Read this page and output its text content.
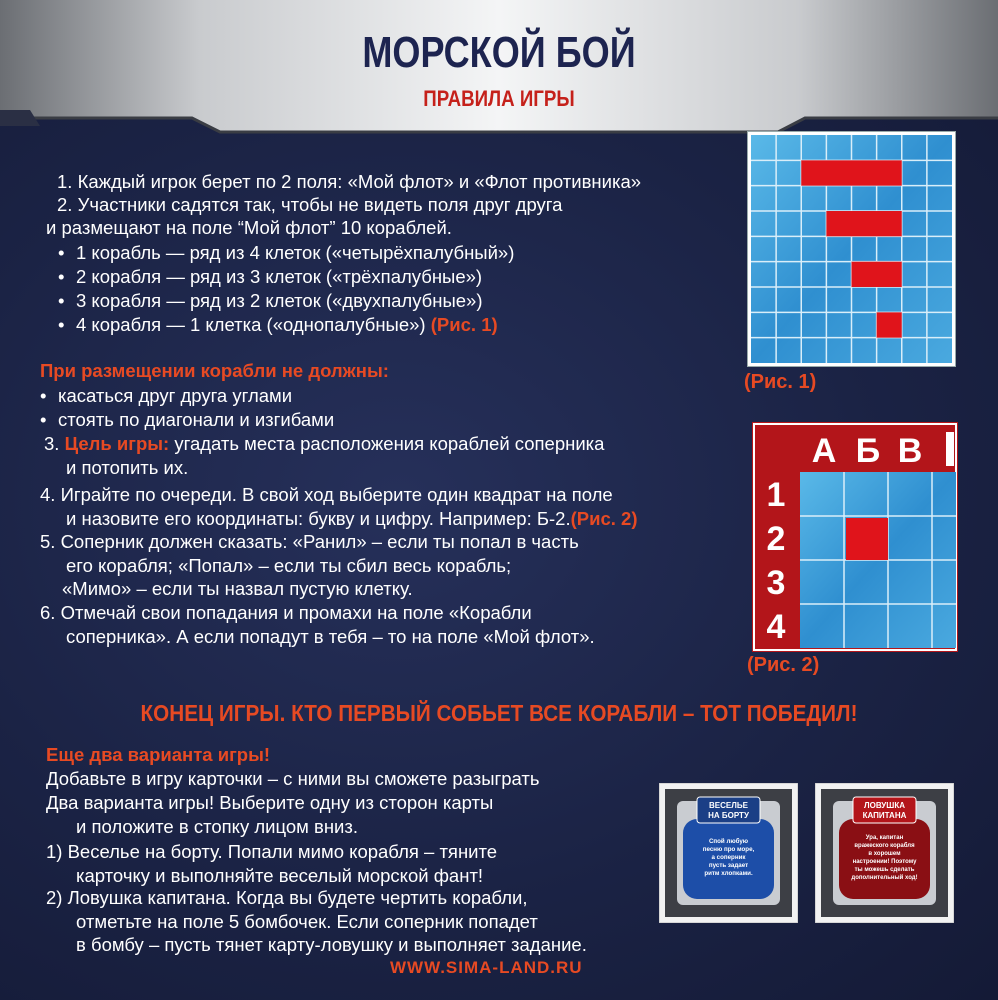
МОРСКОЙ БОЙ
ПРАВИЛА ИГРЫ
1. Каждый игрок берет по 2 поля: «Мой флот» и «Флот противника»
2. Участники садятся так, чтобы не видеть поля друг друга
и размещают на поле “Мой флот” 10 кораблей.
• 1 корабль — ряд из 4 клеток («четырёхпалубный»)
• 2 корабля — ряд из 3 клеток («трёхпалубные»)
• 3 корабля — ряд из 2 клеток («двухпалубные»)
• 4 корабля — 1 клетка («однопалубные») (Рис. 1)
При размещении корабли не должны:
• касаться друг друга углами
• стоять по диагонали и изгибами
3. Цель игры: угадать места расположения кораблей соперника
и потопить их.
4. Играйте по очереди. В свой ход выберите один квадрат на поле
и назовите его координаты: букву и цифру. Например: Б-2.(Рис. 2)
5. Соперник должен сказать: «Ранил» – если ты попал в часть
его корабля; «Попал» – если ты сбил весь корабль;
«Мимо» – если ты назвал пустую клетку.
6. Отмечай свои попадания и промахи на поле «Корабли
соперника». А если попадут в тебя – то на поле «Мой флот».
(Рис. 1)
А Б В
1
2
3
4
(Рис. 2)
КОНЕЦ ИГРЫ. КТО ПЕРВЫЙ СОБЬЕТ ВСЕ КОРАБЛИ – ТОТ ПОБЕДИЛ!
Еще два варианта игры!
Добавьте в игру карточки – с ними вы сможете разыграть
Два варианта игры! Выберите одну из сторон карты
и положите в стопку лицом вниз.
1) Веселье на борту. Попали мимо корабля – тяните
карточку и выполняйте веселый морской фант!
2) Ловушка капитана. Когда вы будете чертить корабли,
отметьте на поле 5 бомбочек. Если соперник попадет
в бомбу – пусть тянет карту-ловушку и выполняет задание.
ВЕСЕЛЬЕ
НА БОРТУ
Спой любую
песню про море,
а соперник
пусть задает
ритм хлопками.
ЛОВУШКА
КАПИТАНА
Ура, капитан
вражеского корабля
в хорошем
настроении! Поэтому
ты можешь сделать
дополнительный ход!
WWW.SIMA-LAND.RU
